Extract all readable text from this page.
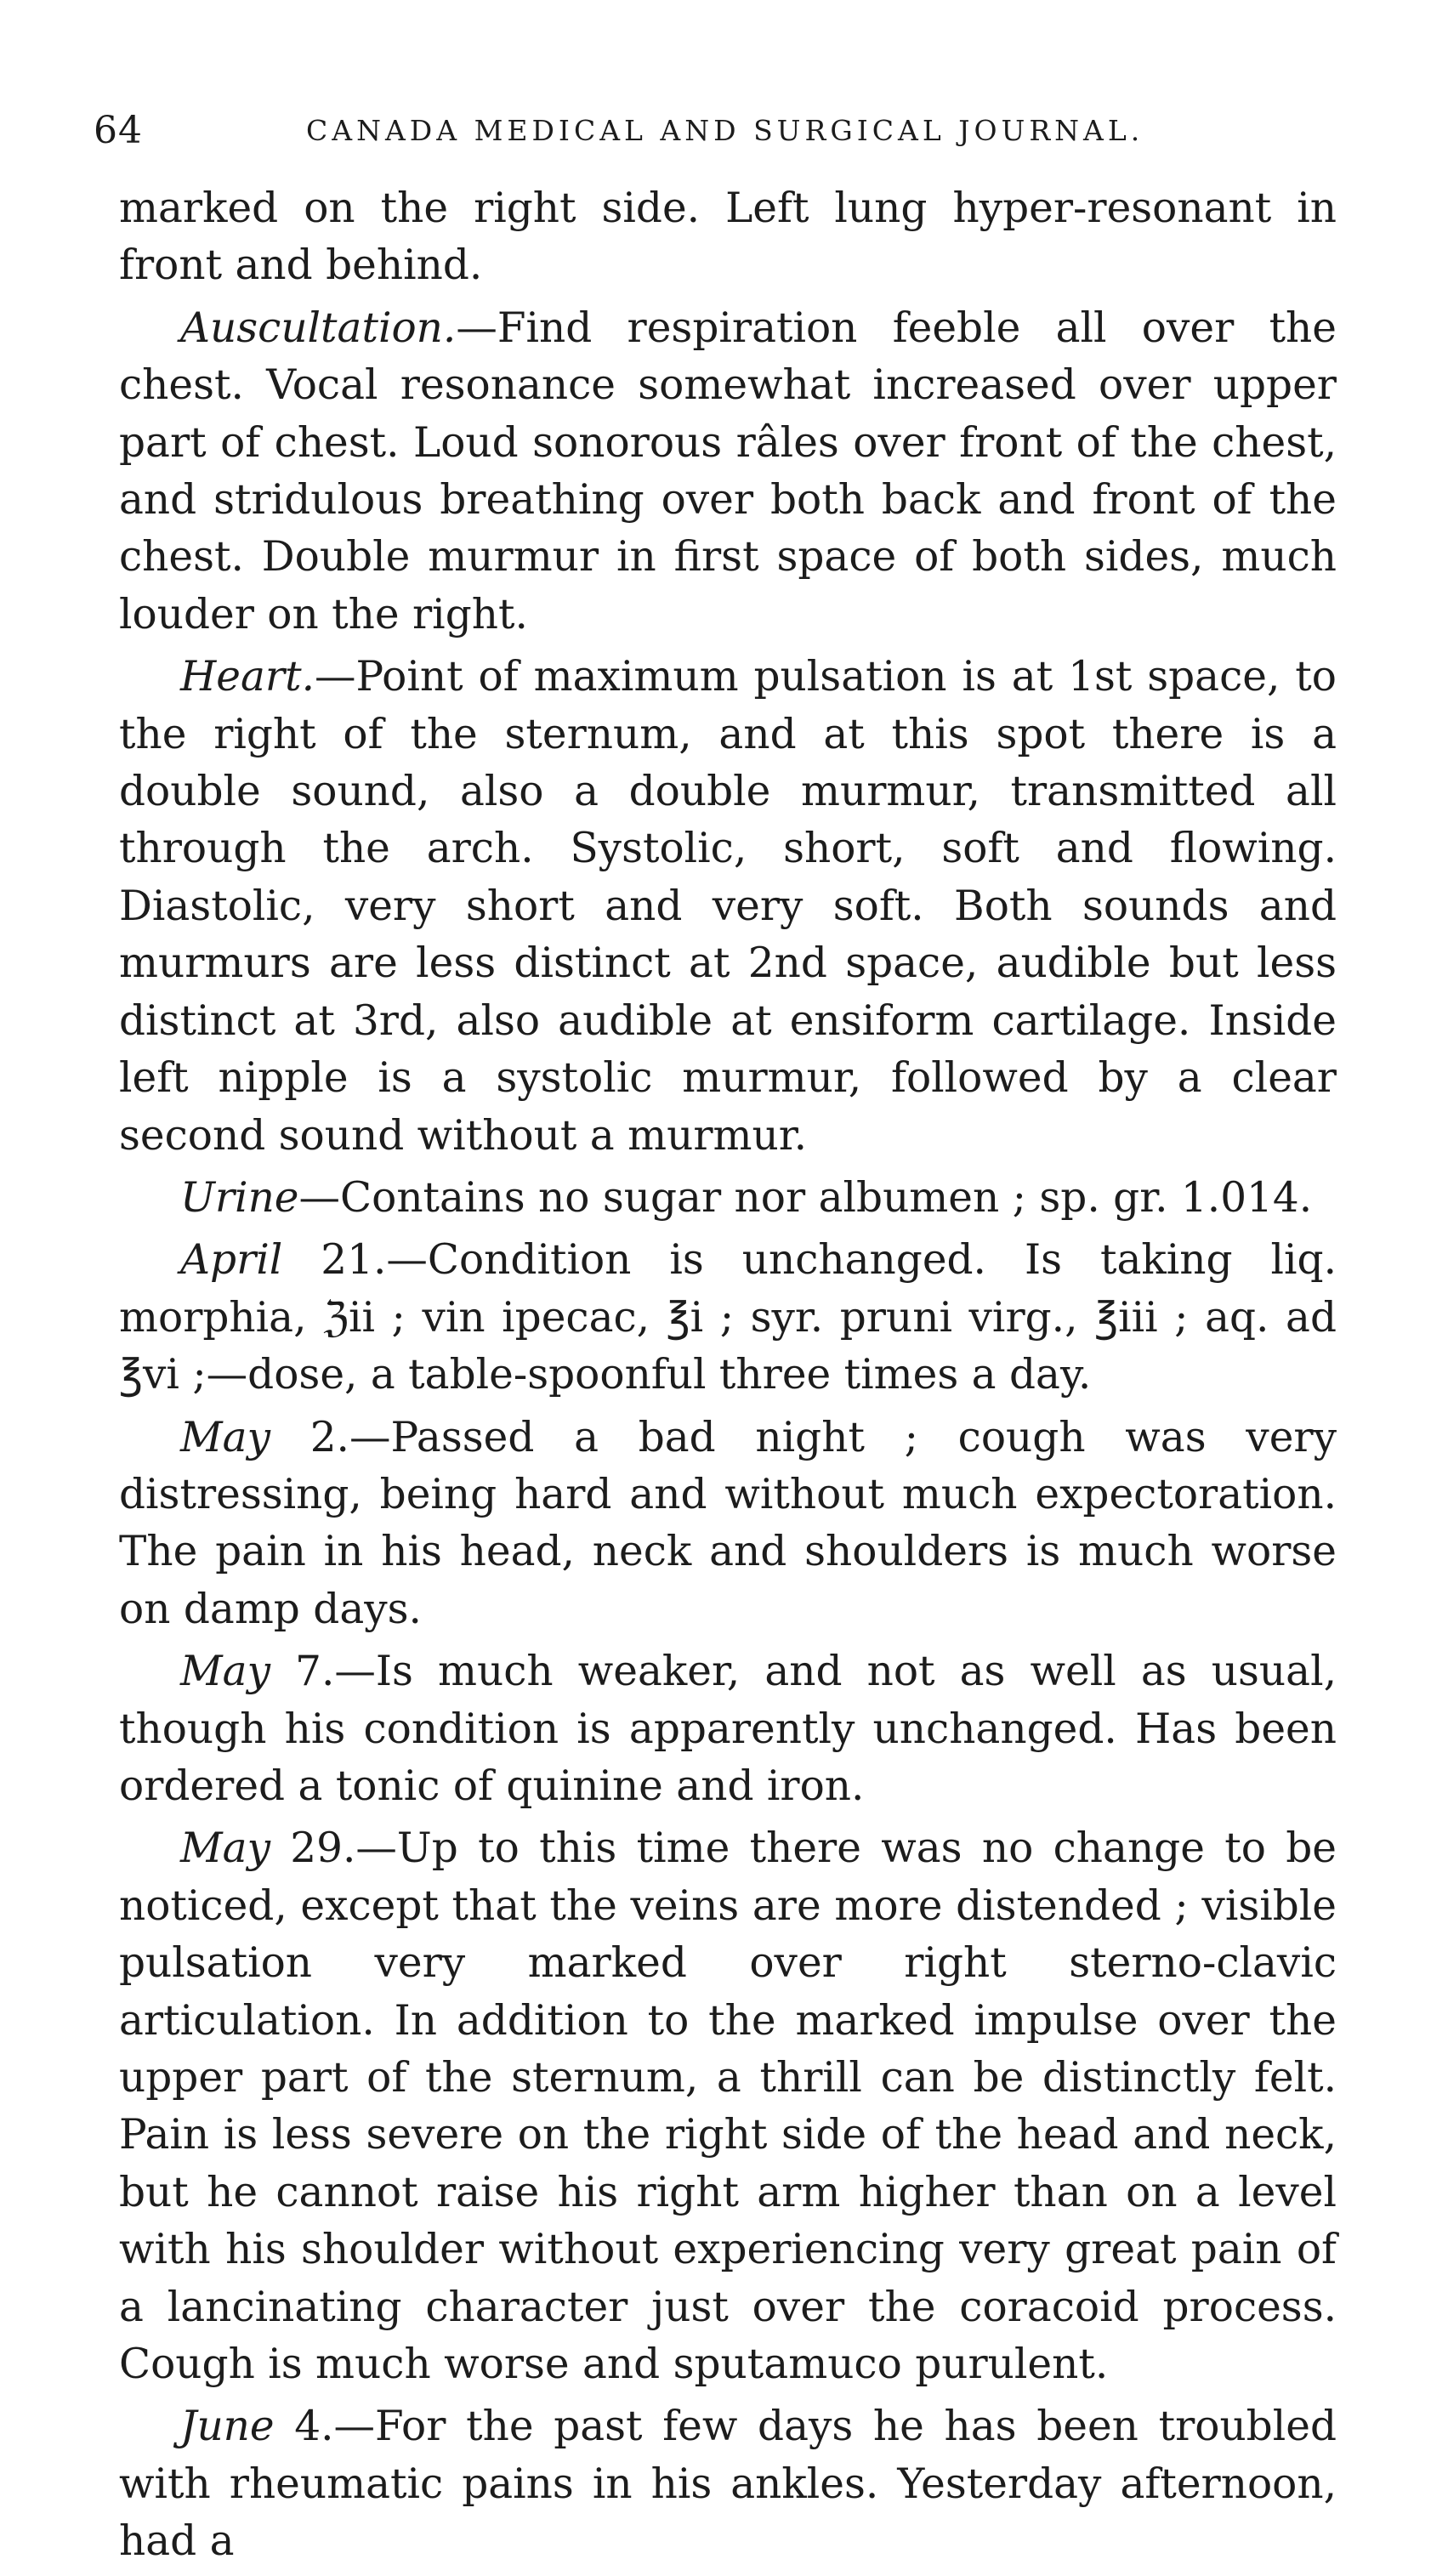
64	CANADA MEDICAL AND SURGICAL JOURNAL.

marked on the right side. Left lung hyper-resonant in front and behind.

Auscultation.—Find respiration feeble all over the chest. Vocal resonance somewhat increased over upper part of chest. Loud sonorous râles over front of the chest, and stridulous breathing over both back and front of the chest. Double murmur in first space of both sides, much louder on the right.

Heart.—Point of maximum pulsation is at 1st space, to the right of the sternum, and at this spot there is a double sound, also a double murmur, transmitted all through the arch. Systolic, short, soft and flowing. Diastolic, very short and very soft. Both sounds and murmurs are less distinct at 2nd space, audible but less distinct at 3rd, also audible at ensiform cartilage. Inside left nipple is a systolic murmur, followed by a clear second sound without a murmur.

Urine—Contains no sugar nor albumen ; sp. gr. 1.014.

April 21.—Condition is unchanged. Is taking liq. morphia, ℨii ; vin ipecac, ℥i ; syr. pruni virg., ℥iii ; aq. ad ℥vi ;—dose, a table-spoonful three times a day.

May 2.—Passed a bad night ; cough was very distressing, being hard and without much expectoration. The pain in his head, neck and shoulders is much worse on damp days.

May 7.—Is much weaker, and not as well as usual, though his condition is apparently unchanged. Has been ordered a tonic of quinine and iron.

May 29.—Up to this time there was no change to be noticed, except that the veins are more distended ; visible pulsation very marked over right sterno-clavic articulation. In addition to the marked impulse over the upper part of the sternum, a thrill can be distinctly felt. Pain is less severe on the right side of the head and neck, but he cannot raise his right arm higher than on a level with his shoulder without experiencing very great pain of a lancinating character just over the coracoid process. Cough is much worse and sputamuco purulent.

June 4.—For the past few days he has been troubled with rheumatic pains in his ankles. Yesterday afternoon, had a
